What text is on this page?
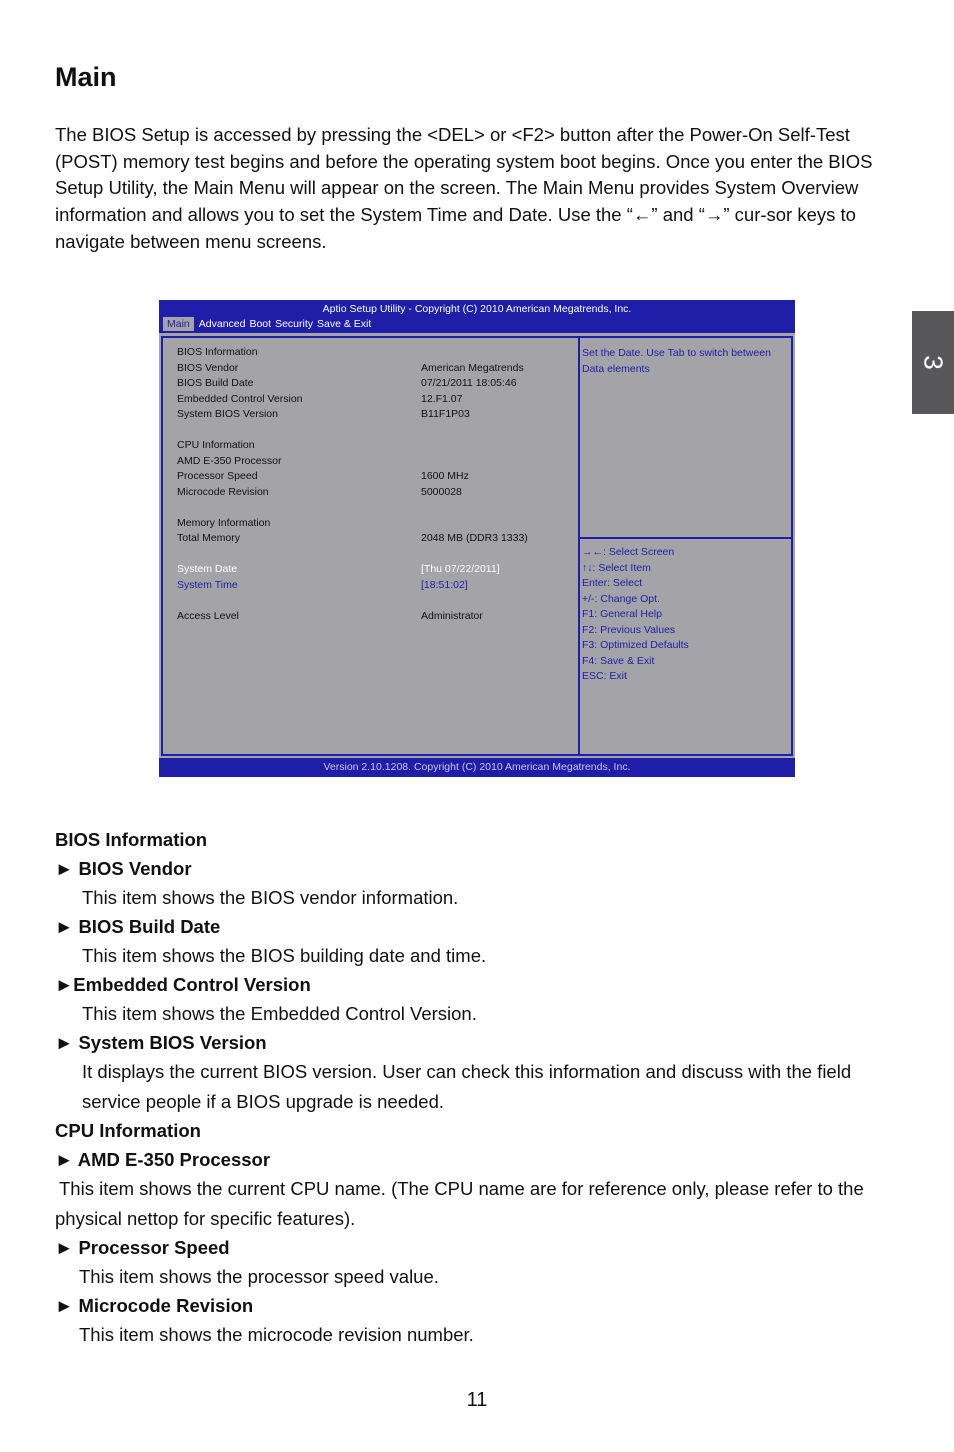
Main

The BIOS Setup is accessed by pressing the <DEL> or <F2> button after the Power-On Self-Test (POST) memory test begins and before the operating system boot begins. Once you enter the BIOS Setup Utility, the Main Menu will appear on the screen. The Main Menu provides System Overview information and allows you to set the System Time and Date. Use the “←” and “→” cur-sor keys to navigate between menu screens.

3
Aptio Setup Utility - Copyright (C) 2010 American Megatrends, Inc.
Main Advanced Boot Security Save & Exit
BIOS Information
BIOS Vendor	American Megatrends
BIOS Build Date	07/21/2011 18:05:46
Embedded Control Version	12.F1.07
System BIOS Version	B11F1P03
CPU Information
AMD E-350 Processor
Processor Speed	1600 MHz
Microcode Revision	5000028
Memory Information
Total Memory	2048 MB (DDR3 1333)
System Date	[Thu 07/22/2011]
System Time	[18:51:02]
Access Level	Administrator
Set the Date. Use Tab to switch between Data elements
→←: Select Screen
↑↓: Select Item
Enter: Select
+/-: Change Opt.
F1: General Help
F2: Previous Values
F3: Optimized Defaults
F4: Save & Exit
ESC: Exit
Version 2.10.1208. Copyright (C) 2010 American Megatrends, Inc.
BIOS Information
► BIOS Vendor
This item shows the BIOS vendor information.
► BIOS Build Date
This item shows the BIOS building date and time.
►Embedded Control Version
This item shows the Embedded Control Version.
► System BIOS Version
It displays the current BIOS version. User can check this information and discuss with the field service people if a BIOS upgrade is needed.
CPU Information
► AMD E-350 Processor
This item shows the current CPU name. (The CPU name are for reference only, please refer to the physical nettop for specific features).
► Processor Speed
This item shows the processor speed value.
► Microcode Revision
This item shows the microcode revision number.
11
